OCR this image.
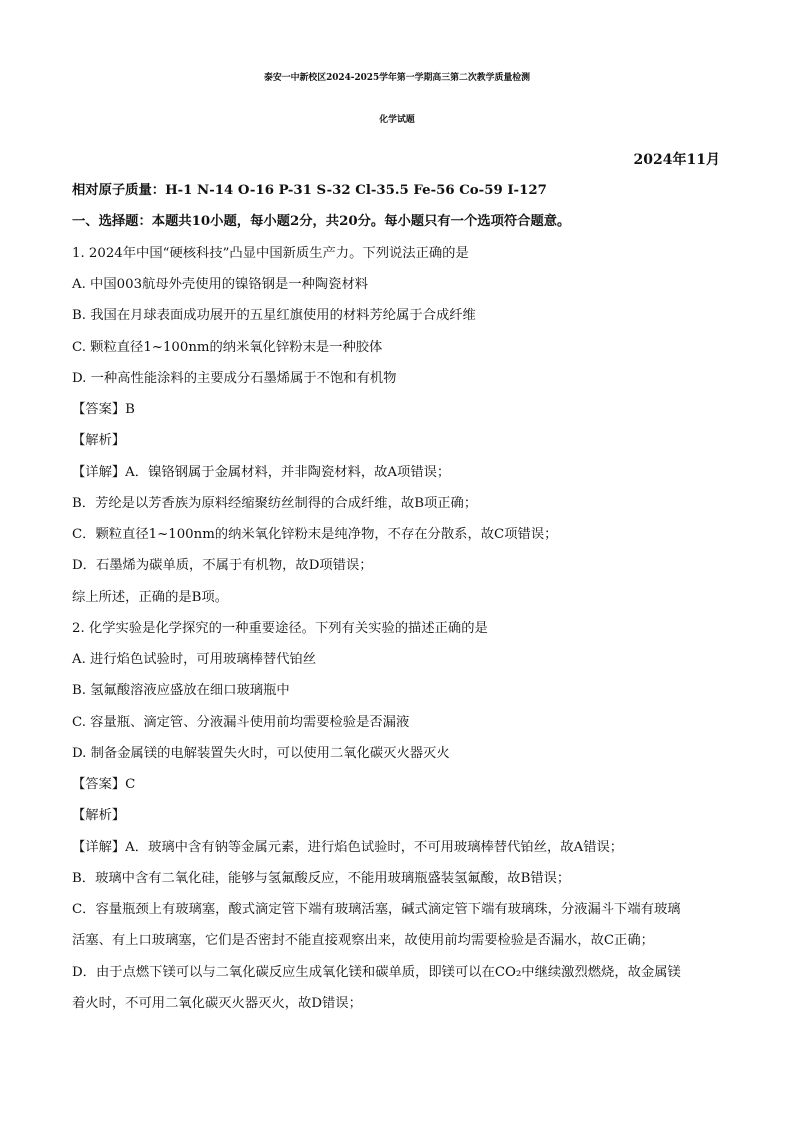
泰安一中新校区2024-2025学年第一学期高三第二次教学质量检测
化学试题
2024年11月
相对原子质量：H-1 N-14 O-16 P-31 S-32 Cl-35.5 Fe-56 Co-59 I-127
一、选择题：本题共10小题，每小题2分，共20分。每小题只有一个选项符合题意。
1. 2024年中国“硬核科技”凸显中国新质生产力。下列说法正确的是
A. 中国003航母外壳使用的镍铬钢是一种陶瓷材料
B. 我国在月球表面成功展开的五星红旗使用的材料芳纶属于合成纤维
C. 颗粒直径1~100nm的纳米氧化锌粉末是一种胶体
D. 一种高性能涂料的主要成分石墨烯属于不饱和有机物
【答案】B
【解析】
【详解】A．镍铬钢属于金属材料，并非陶瓷材料，故A项错误；
B．芳纶是以芳香族为原料经缩聚纺丝制得的合成纤维，故B项正确；
C．颗粒直径1~100nm的纳米氧化锌粉末是纯净物，不存在分散系，故C项错误；
D．石墨烯为碳单质，不属于有机物，故D项错误；
综上所述，正确的是B项。
2. 化学实验是化学探究的一种重要途径。下列有关实验的描述正确的是
A. 进行焰色试验时，可用玻璃棒替代铂丝
B. 氢氟酸溶液应盛放在细口玻璃瓶中
C. 容量瓶、滴定管、分液漏斗使用前均需要检验是否漏液
D. 制备金属镁的电解装置失火时，可以使用二氧化碳灭火器灭火
【答案】C
【解析】
【详解】A．玻璃中含有钠等金属元素，进行焰色试验时，不可用玻璃棒替代铂丝，故A错误；
B．玻璃中含有二氧化硅，能够与氢氟酸反应，不能用玻璃瓶盛装氢氟酸，故B错误；
C．容量瓶颈上有玻璃塞，酸式滴定管下端有玻璃活塞，碱式滴定管下端有玻璃珠，分液漏斗下端有玻璃
活塞、有上口玻璃塞，它们是否密封不能直接观察出来，故使用前均需要检验是否漏水，故C正确；
D．由于点燃下镁可以与二氧化碳反应生成氧化镁和碳单质，即镁可以在CO₂中继续激烈燃烧，故金属镁
着火时，不可用二氧化碳灭火器灭火，故D错误；
